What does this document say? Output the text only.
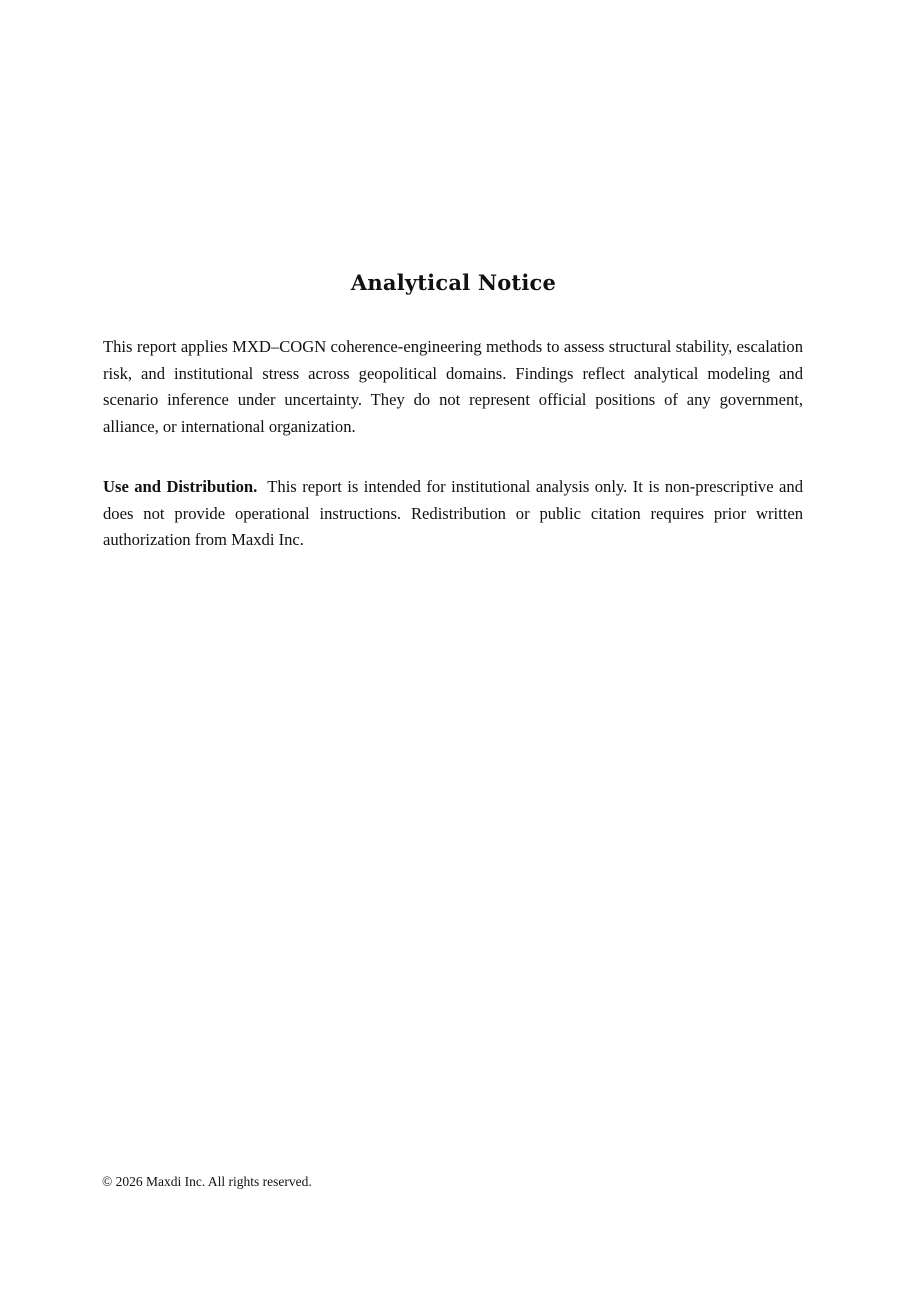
Analytical Notice

This report applies MXD–COGN coherence-engineering methods to assess structural stability, escalation risk, and institutional stress across geopolitical domains. Findings reflect analytical modeling and scenario inference under uncertainty. They do not represent official positions of any government, alliance, or international organization.

Use and Distribution. This report is intended for institutional analysis only. It is non-prescriptive and does not provide operational instructions. Redistribution or public citation requires prior written authorization from Maxdi Inc.

© 2026 Maxdi Inc. All rights reserved.
